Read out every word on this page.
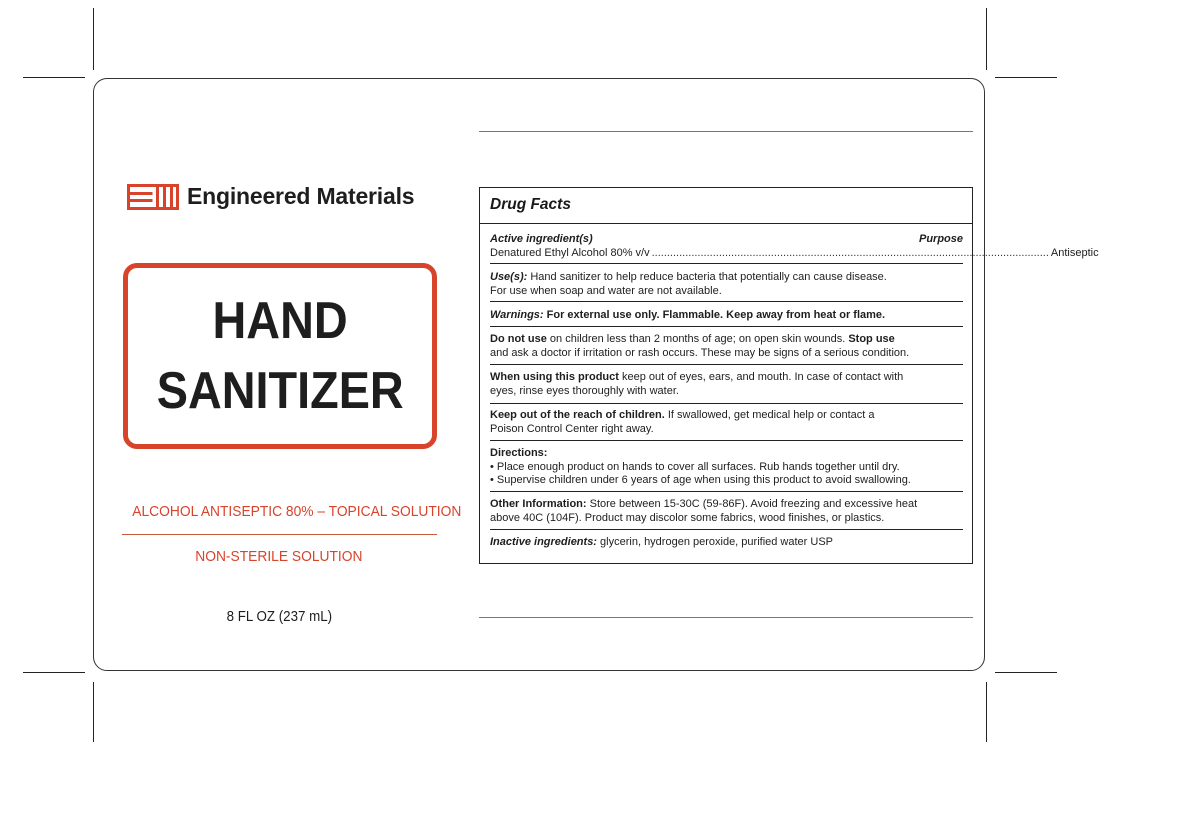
Engineered Materials
HAND
SANITIZER
ALCOHOL ANTISEPTIC 80% – TOPICAL SOLUTION
NON-STERILE SOLUTION
8 FL OZ (237 mL)
Drug Facts
Active ingredient(s)	Purpose
Denatured Ethyl Alcohol 80% v/v .................................................................................................................................. Antiseptic
Use(s): Hand sanitizer to help reduce bacteria that potentially can cause disease.
For use when soap and water are not available.
Warnings: For external use only. Flammable. Keep away from heat or flame.
Do not use on children less than 2 months of age; on open skin wounds. Stop use
and ask a doctor if irritation or rash occurs. These may be signs of a serious condition.
When using this product keep out of eyes, ears, and mouth. In case of contact with
eyes, rinse eyes thoroughly with water.
Keep out of the reach of children. If swallowed, get medical help or contact a
Poison Control Center right away.
Directions:
• Place enough product on hands to cover all surfaces. Rub hands together until dry.
• Supervise children under 6 years of age when using this product to avoid swallowing.
Other Information: Store between 15-30C (59-86F). Avoid freezing and excessive heat
above 40C (104F). Product may discolor some fabrics, wood finishes, or plastics.
Inactive ingredients: glycerin, hydrogen peroxide, purified water USP
